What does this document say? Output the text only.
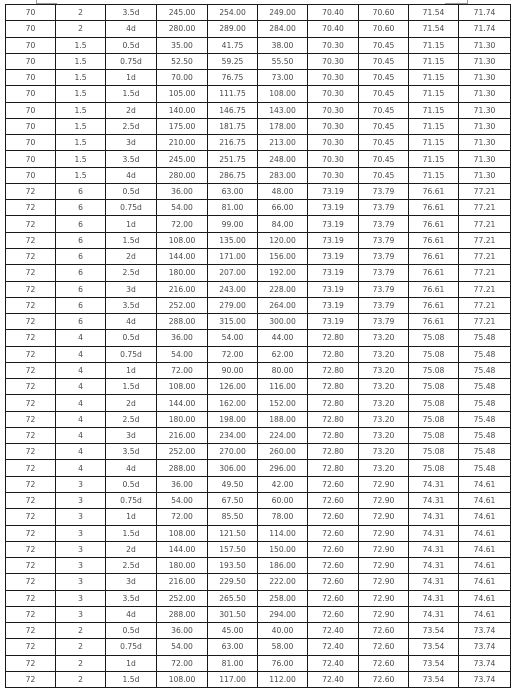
70	2	3.5d	245.00	254.00	249.00	70.40	70.60	71.54	71.74
70	2	4d	280.00	289.00	284.00	70.40	70.60	71.54	71.74
70	1.5	0.5d	35.00	41.75	38.00	70.30	70.45	71.15	71.30
70	1.5	0.75d	52.50	59.25	55.50	70.30	70.45	71.15	71.30
70	1.5	1d	70.00	76.75	73.00	70.30	70.45	71.15	71.30
70	1.5	1.5d	105.00	111.75	108.00	70.30	70.45	71.15	71.30
70	1.5	2d	140.00	146.75	143.00	70.30	70.45	71.15	71.30
70	1.5	2.5d	175.00	181.75	178.00	70.30	70.45	71.15	71.30
70	1.5	3d	210.00	216.75	213.00	70.30	70.45	71.15	71.30
70	1.5	3.5d	245.00	251.75	248.00	70.30	70.45	71.15	71.30
70	1.5	4d	280.00	286.75	283.00	70.30	70.45	71.15	71.30
72	6	0.5d	36.00	63.00	48.00	73.19	73.79	76.61	77.21
72	6	0.75d	54.00	81.00	66.00	73.19	73.79	76.61	77.21
72	6	1d	72.00	99.00	84.00	73.19	73.79	76.61	77.21
72	6	1.5d	108.00	135.00	120.00	73.19	73.79	76.61	77.21
72	6	2d	144.00	171.00	156.00	73.19	73.79	76.61	77.21
72	6	2.5d	180.00	207.00	192.00	73.19	73.79	76.61	77.21
72	6	3d	216.00	243.00	228.00	73.19	73.79	76.61	77.21
72	6	3.5d	252.00	279.00	264.00	73.19	73.79	76.61	77.21
72	6	4d	288.00	315.00	300.00	73.19	73.79	76.61	77.21
72	4	0.5d	36.00	54.00	44.00	72.80	73.20	75.08	75.48
72	4	0.75d	54.00	72.00	62.00	72.80	73.20	75.08	75.48
72	4	1d	72.00	90.00	80.00	72.80	73.20	75.08	75.48
72	4	1.5d	108.00	126.00	116.00	72.80	73.20	75.08	75.48
72	4	2d	144.00	162.00	152.00	72.80	73.20	75.08	75.48
72	4	2.5d	180.00	198.00	188.00	72.80	73.20	75.08	75.48
72	4	3d	216.00	234.00	224.00	72.80	73.20	75.08	75.48
72	4	3.5d	252.00	270.00	260.00	72.80	73.20	75.08	75.48
72	4	4d	288.00	306.00	296.00	72.80	73.20	75.08	75.48
72	3	0.5d	36.00	49.50	42.00	72.60	72.90	74.31	74.61
72	3	0.75d	54.00	67.50	60.00	72.60	72.90	74.31	74.61
72	3	1d	72.00	85.50	78.00	72.60	72.90	74.31	74.61
72	3	1.5d	108.00	121.50	114.00	72.60	72.90	74.31	74.61
72	3	2d	144.00	157.50	150.00	72.60	72.90	74.31	74.61
72	3	2.5d	180.00	193.50	186.00	72.60	72.90	74.31	74.61
72	3	3d	216.00	229.50	222.00	72.60	72.90	74.31	74.61
72	3	3.5d	252.00	265.50	258.00	72.60	72.90	74.31	74.61
72	3	4d	288.00	301.50	294.00	72.60	72.90	74.31	74.61
72	2	0.5d	36.00	45.00	40.00	72.40	72.60	73.54	73.74
72	2	0.75d	54.00	63.00	58.00	72.40	72.60	73.54	73.74
72	2	1d	72.00	81.00	76.00	72.40	72.60	73.54	73.74
72	2	1.5d	108.00	117.00	112.00	72.40	72.60	73.54	73.74
